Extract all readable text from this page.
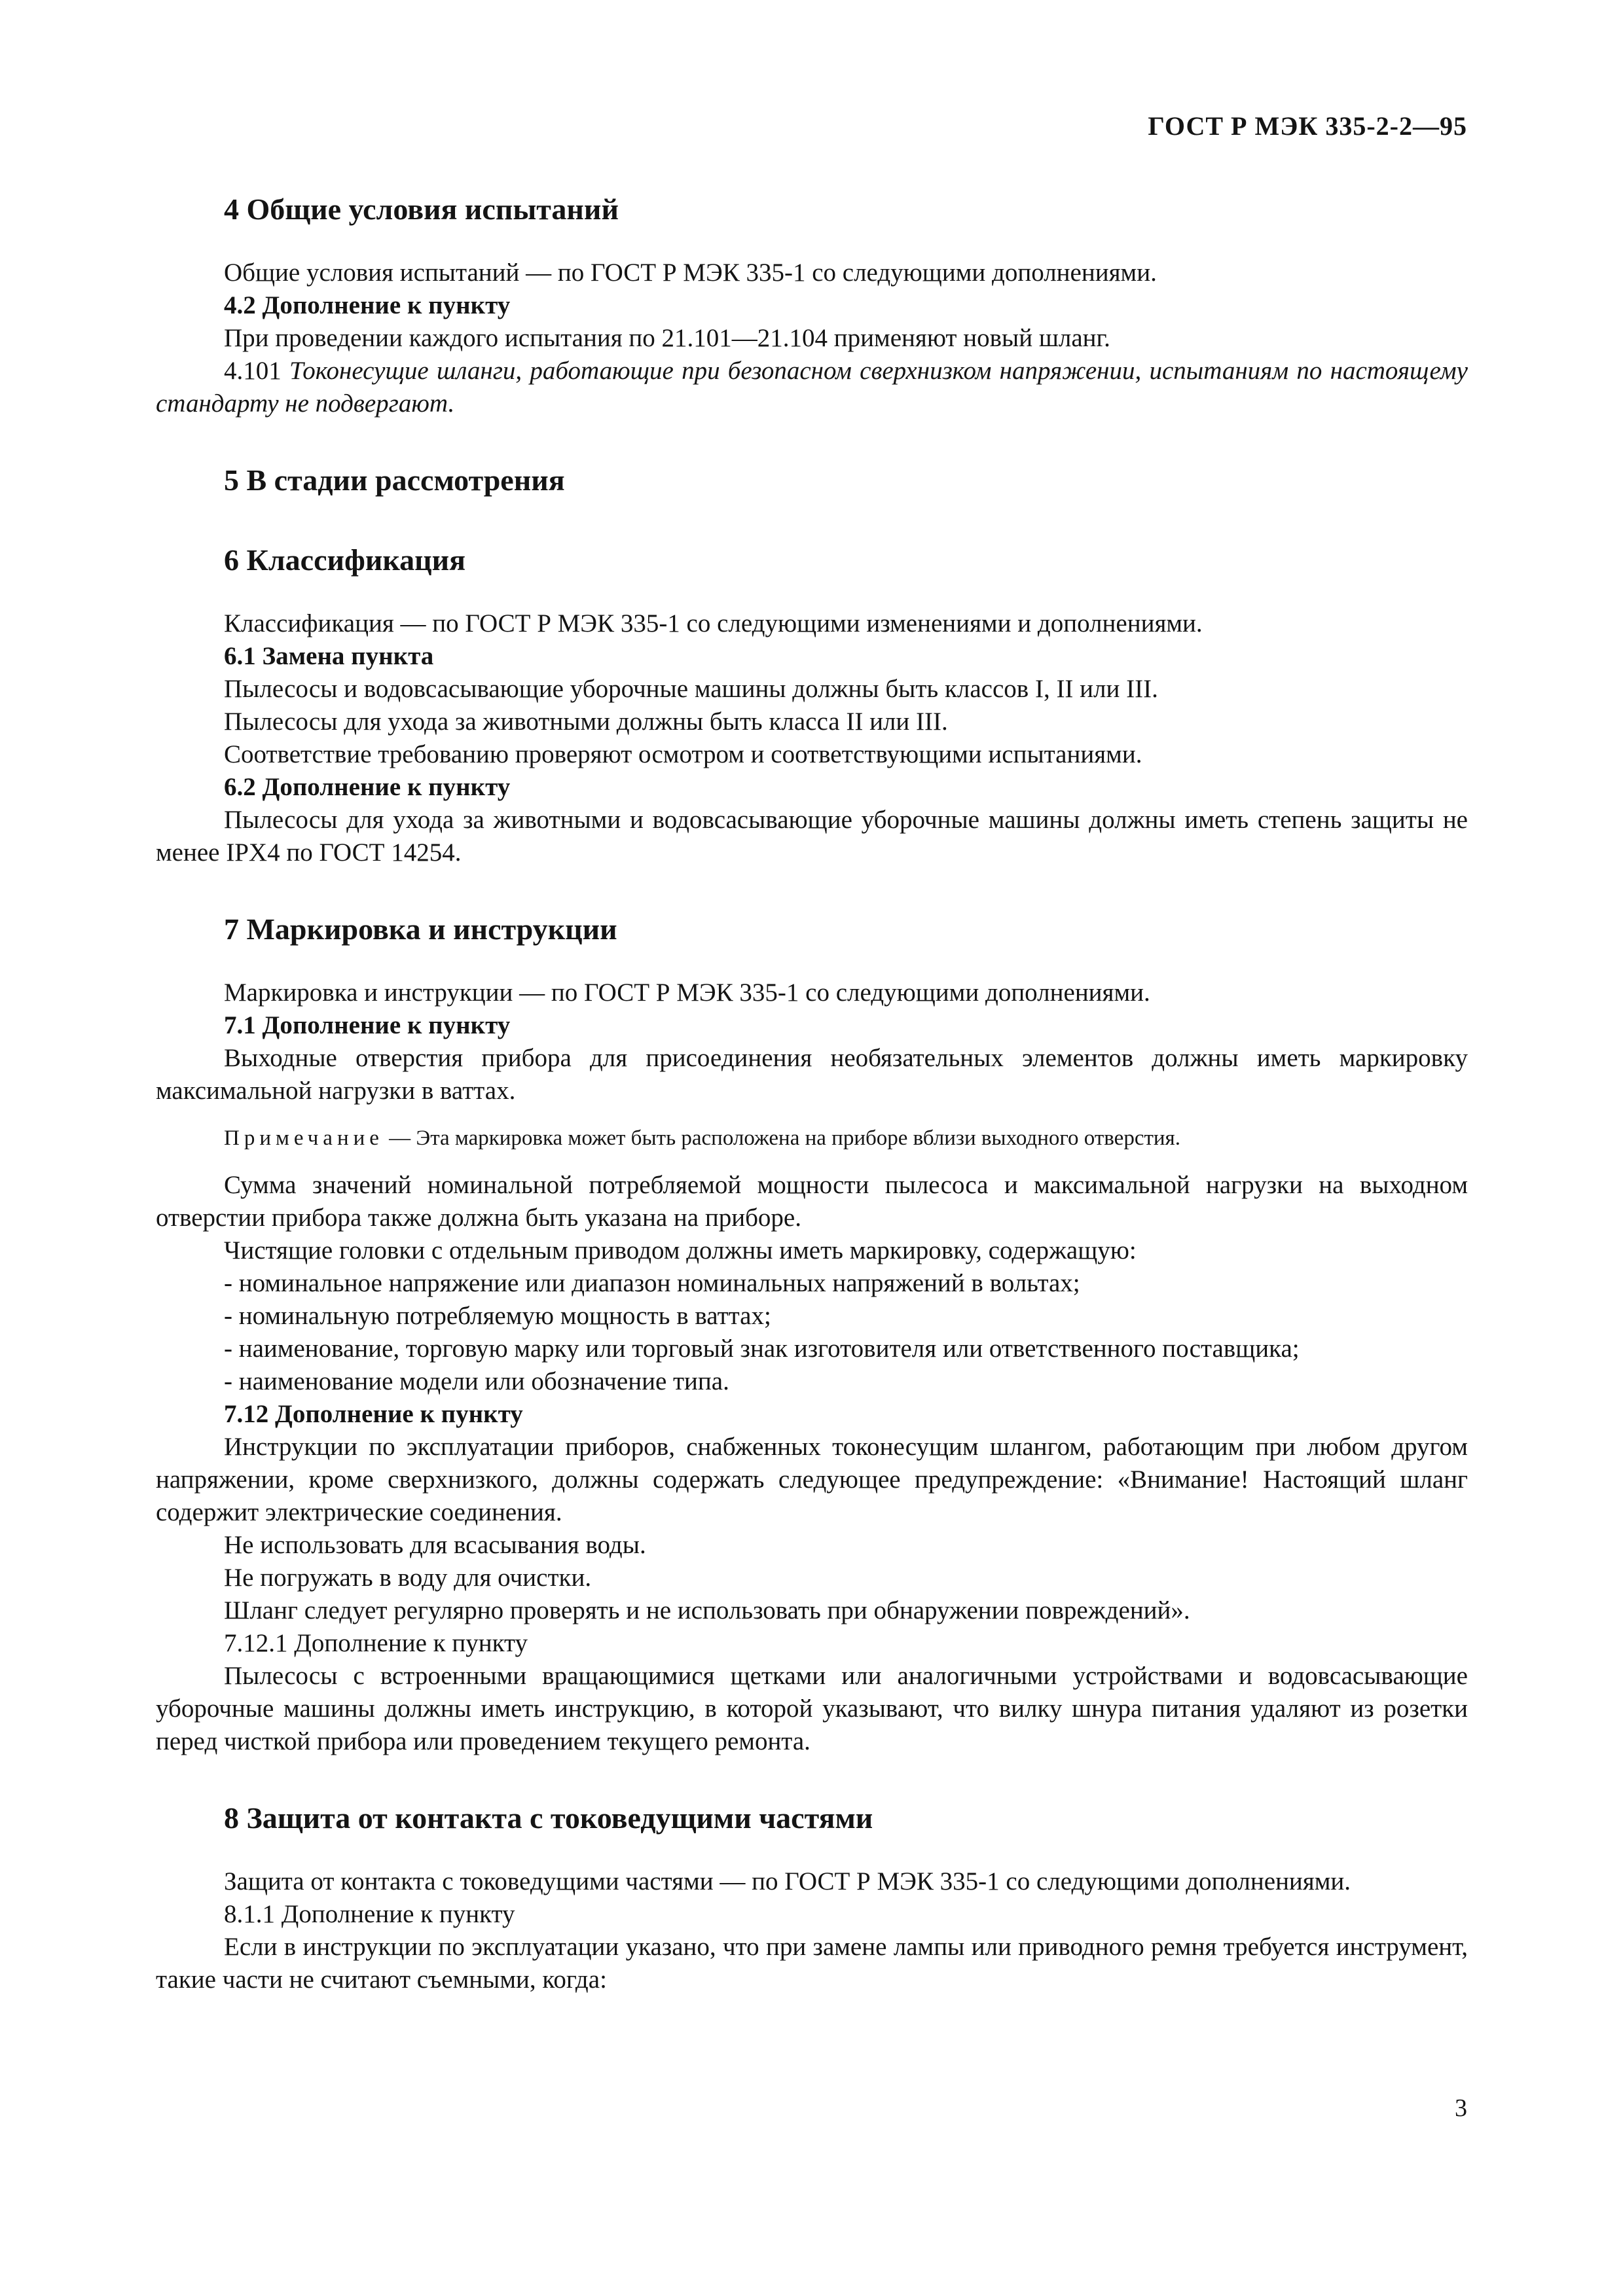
ГОСТ Р МЭК 335-2-2—95
4 Общие условия испытаний

Общие условия испытаний — по ГОСТ Р МЭК 335-1 со следующими дополнениями.

4.2 Дополнение к пункту

При проведении каждого испытания по 21.101—21.104 применяют новый шланг.

4.101 Токонесущие шланги, работающие при безопасном сверхнизком напряжении, испытаниям по настоящему стандарту не подвергают.

5 В стадии рассмотрения
6 Классификация

Классификация — по ГОСТ Р МЭК 335-1 со следующими изменениями и дополнениями.

6.1 Замена пункта

Пылесосы и водовсасывающие уборочные машины должны быть классов I, II или III.

Пылесосы для ухода за животными должны быть класса II или III.

Соответствие требованию проверяют осмотром и соответствующими испытаниями.

6.2 Дополнение к пункту

Пылесосы для ухода за животными и водовсасывающие уборочные машины должны иметь степень защиты не менее IPX4 по ГОСТ 14254.

7 Маркировка и инструкции

Маркировка и инструкции — по ГОСТ Р МЭК 335-1 со следующими дополнениями.

7.1 Дополнение к пункту

Выходные отверстия прибора для присоединения необязательных элементов должны иметь маркировку максимальной нагрузки в ваттах.

Примечание — Эта маркировка может быть расположена на приборе вблизи выходного отверстия.

Сумма значений номинальной потребляемой мощности пылесоса и максимальной нагрузки на выходном отверстии прибора также должна быть указана на приборе.

Чистящие головки с отдельным приводом должны иметь маркировку, содержащую:

- номинальное напряжение или диапазон номинальных напряжений в вольтах;

- номинальную потребляемую мощность в ваттах;

- наименование, торговую марку или торговый знак изготовителя или ответственного поставщика;

- наименование модели или обозначение типа.

7.12 Дополнение к пункту

Инструкции по эксплуатации приборов, снабженных токонесущим шлангом, работающим при любом другом напряжении, кроме сверхнизкого, должны содержать следующее предупреждение: «Внимание! Настоящий шланг содержит электрические соединения.

Не использовать для всасывания воды.

Не погружать в воду для очистки.

Шланг следует регулярно проверять и не использовать при обнаружении повреждений».

7.12.1 Дополнение к пункту

Пылесосы с встроенными вращающимися щетками или аналогичными устройствами и водовсасывающие уборочные машины должны иметь инструкцию, в которой указывают, что вилку шнура питания удаляют из розетки перед чисткой прибора или проведением текущего ремонта.

8 Защита от контакта с токоведущими частями

Защита от контакта с токоведущими частями — по ГОСТ Р МЭК 335-1 со следующими дополнениями.

8.1.1 Дополнение к пункту

Если в инструкции по эксплуатации указано, что при замене лампы или приводного ремня требуется инструмент, такие части не считают съемными, когда:

3
